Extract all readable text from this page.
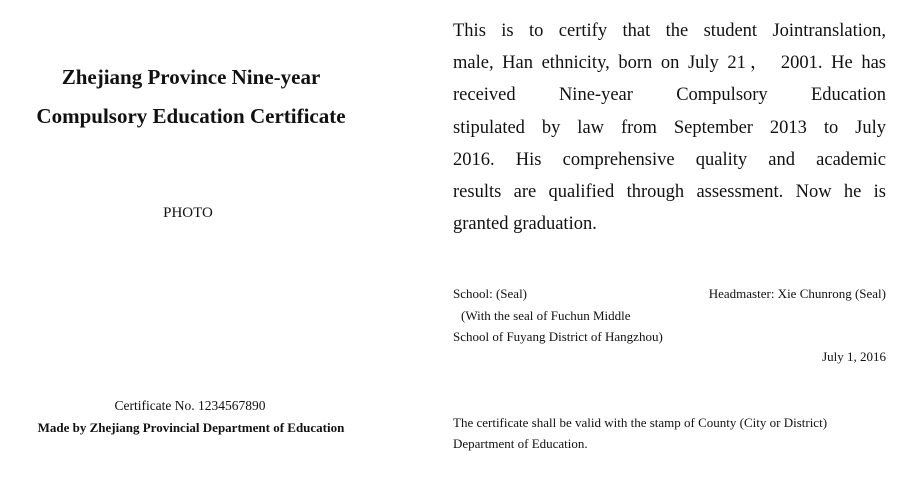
Zhejiang Province Nine-year
Compulsory Education Certificate
PHOTO
Certificate No. 1234567890
Made by Zhejiang Provincial Department of Education

This is to certify that the student Jointranslation,
male, Han ethnicity, born on July 21， 2001. He has
received Nine-year Compulsory Education
stipulated by law from September 2013 to July
2016. His comprehensive quality and academic
results are qualified through assessment. Now he is
granted graduation.

School: (Seal)	Headmaster: Xie Chunrong (Seal)
(With the seal of Fuchun Middle
School of Fuyang District of Hangzhou)
July 1, 2016
The certificate shall be valid with the stamp of County (City or District)
Department of Education.
